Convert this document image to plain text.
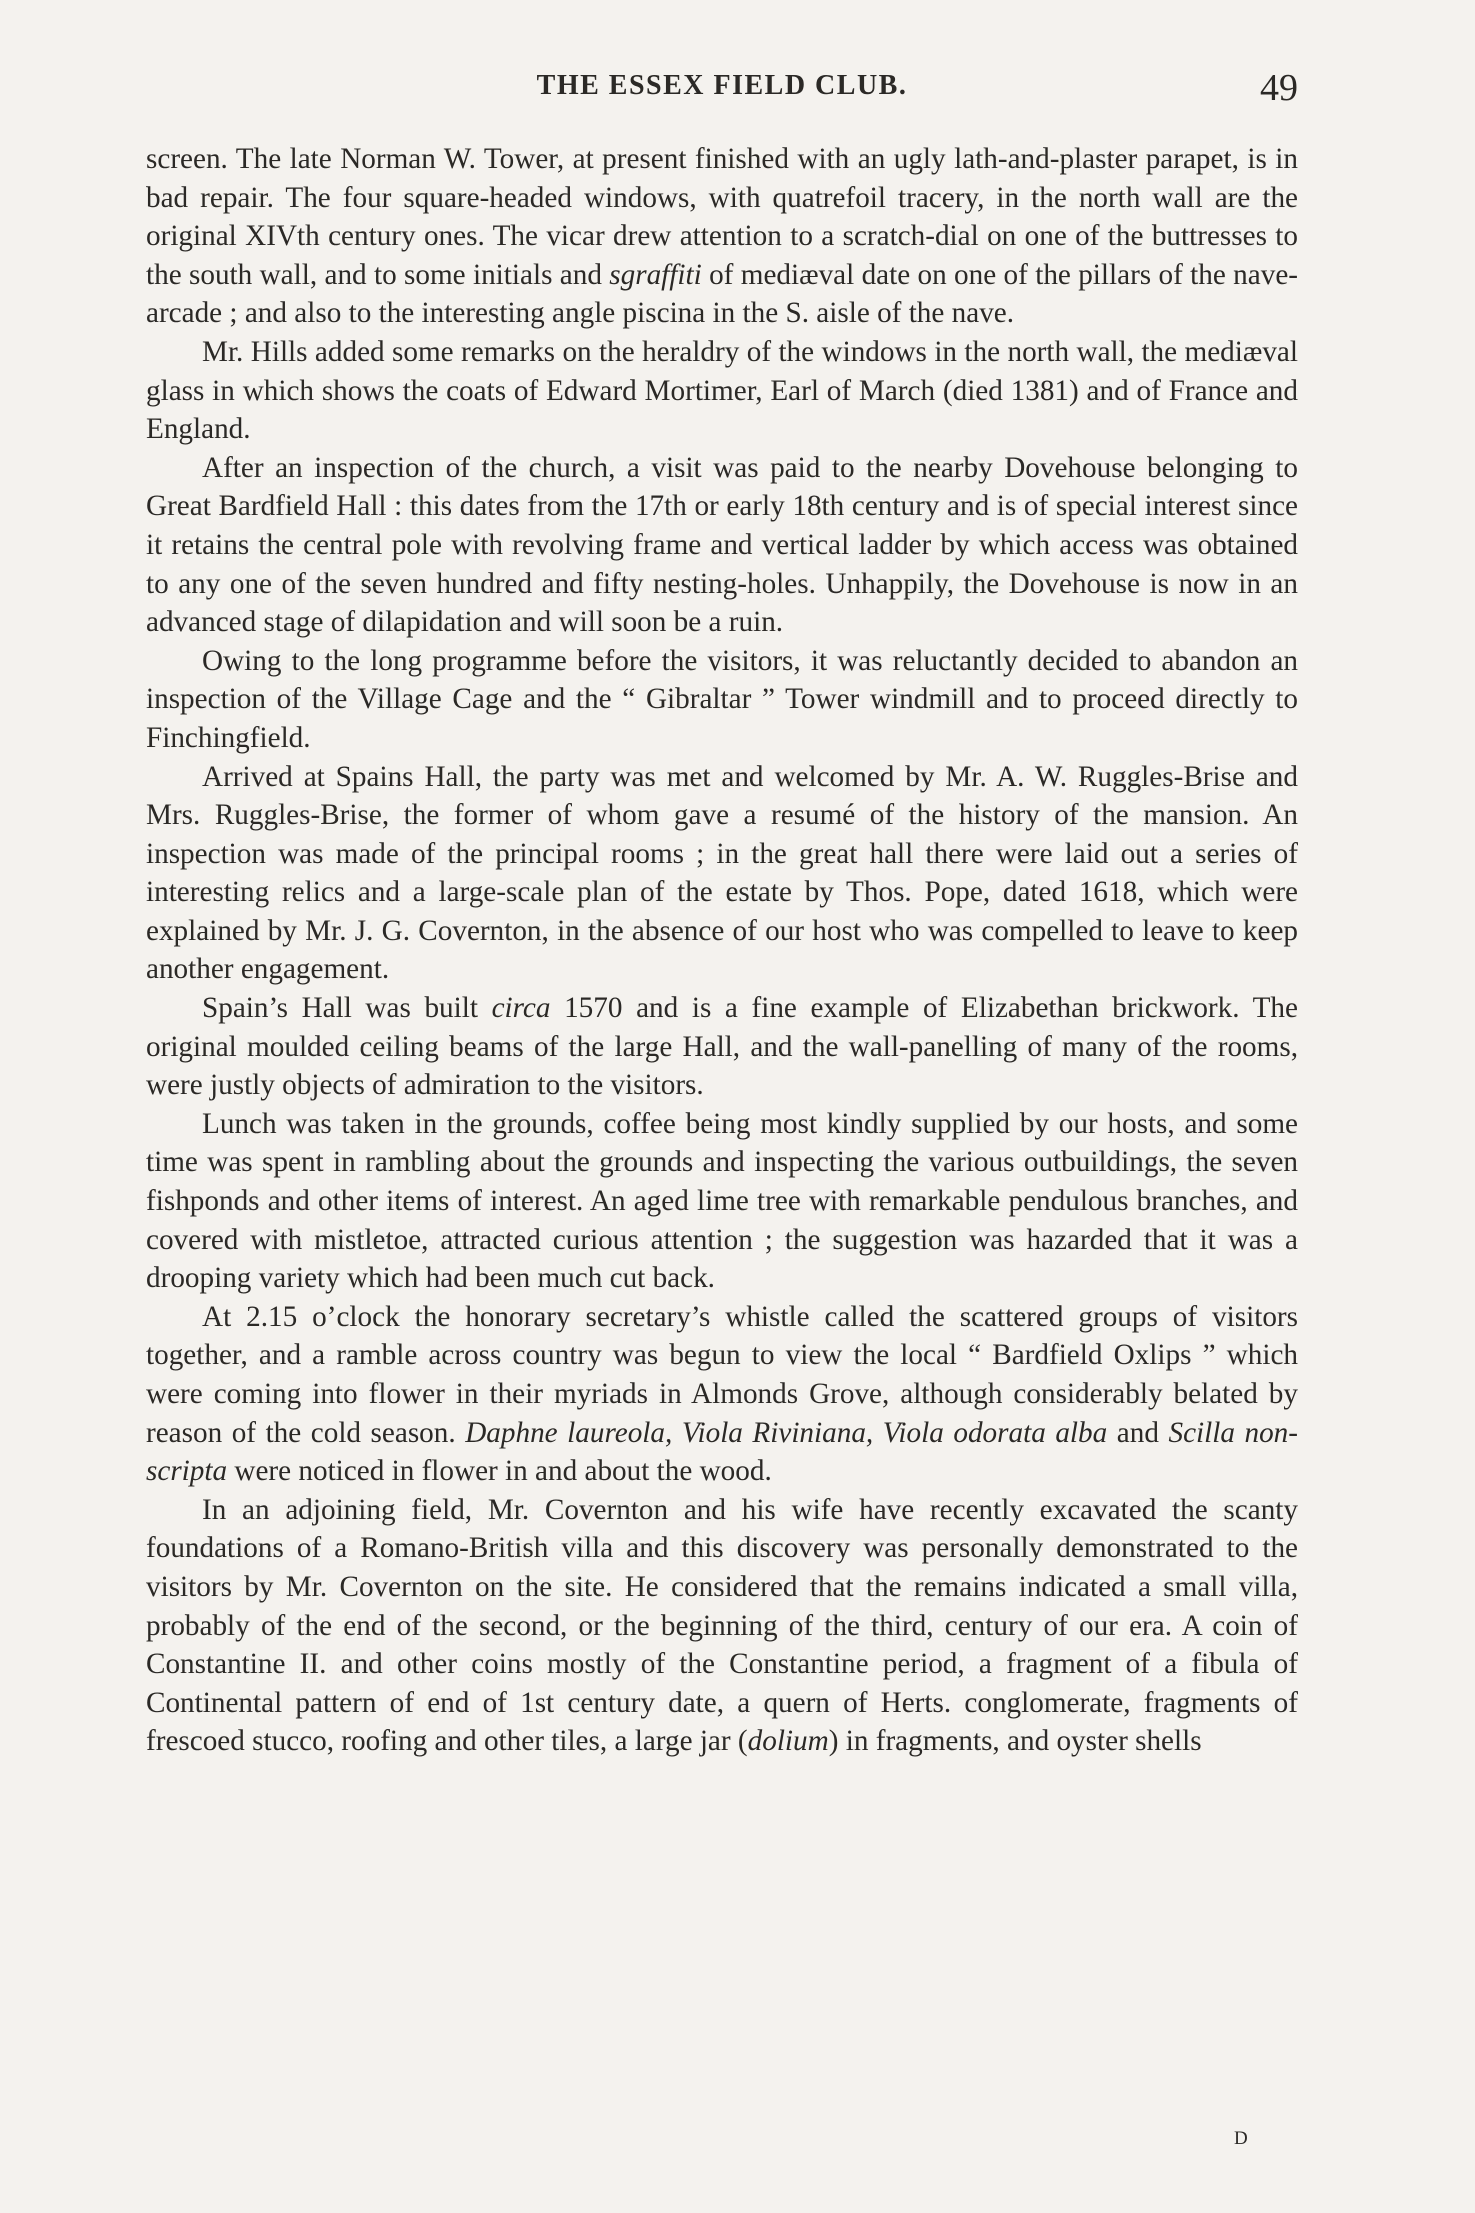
THE ESSEX FIELD CLUB.	49

screen. The late Norman W. Tower, at present finished with an ugly lath-and-plaster parapet, is in bad repair. The four square-headed windows, with quatrefoil tracery, in the north wall are the original XIVth century ones. The vicar drew attention to a scratch-dial on one of the buttresses to the south wall, and to some initials and sgraffiti of mediæval date on one of the pillars of the nave-arcade ; and also to the interesting angle piscina in the S. aisle of the nave.

Mr. Hills added some remarks on the heraldry of the windows in the north wall, the mediæval glass in which shows the coats of Edward Mortimer, Earl of March (died 1381) and of France and England.

After an inspection of the church, a visit was paid to the nearby Dovehouse belonging to Great Bardfield Hall : this dates from the 17th or early 18th century and is of special interest since it retains the central pole with revolving frame and vertical ladder by which access was obtained to any one of the seven hundred and fifty nesting-holes. Unhappily, the Dovehouse is now in an advanced stage of dilapidation and will soon be a ruin.

Owing to the long programme before the visitors, it was reluctantly decided to abandon an inspection of the Village Cage and the “ Gibraltar ” Tower windmill and to proceed directly to Finchingfield.

Arrived at Spains Hall, the party was met and welcomed by Mr. A. W. Ruggles-Brise and Mrs. Ruggles-Brise, the former of whom gave a resumé of the history of the mansion. An inspection was made of the principal rooms ; in the great hall there were laid out a series of interesting relics and a large-scale plan of the estate by Thos. Pope, dated 1618, which were explained by Mr. J. G. Covernton, in the absence of our host who was compelled to leave to keep another engagement.

Spain’s Hall was built circa 1570 and is a fine example of Elizabethan brickwork. The original moulded ceiling beams of the large Hall, and the wall-panelling of many of the rooms, were justly objects of admiration to the visitors.

Lunch was taken in the grounds, coffee being most kindly supplied by our hosts, and some time was spent in rambling about the grounds and inspecting the various outbuildings, the seven fishponds and other items of interest. An aged lime tree with remarkable pendulous branches, and covered with mistletoe, attracted curious attention ; the suggestion was hazarded that it was a drooping variety which had been much cut back.

At 2.15 o’clock the honorary secretary’s whistle called the scattered groups of visitors together, and a ramble across country was begun to view the local “ Bardfield Oxlips ” which were coming into flower in their myriads in Almonds Grove, although considerably belated by reason of the cold season. Daphne laureola, Viola Riviniana, Viola odorata alba and Scilla non-scripta were noticed in flower in and about the wood.

In an adjoining field, Mr. Covernton and his wife have recently excavated the scanty foundations of a Romano-British villa and this discovery was personally demonstrated to the visitors by Mr. Covernton on the site. He considered that the remains indicated a small villa, probably of the end of the second, or the beginning of the third, century of our era. A coin of Constantine II. and other coins mostly of the Constantine period, a fragment of a fibula of Continental pattern of end of 1st century date, a quern of Herts. conglomerate, fragments of frescoed stucco, roofing and other tiles, a large jar (dolium) in fragments, and oyster shells

D
